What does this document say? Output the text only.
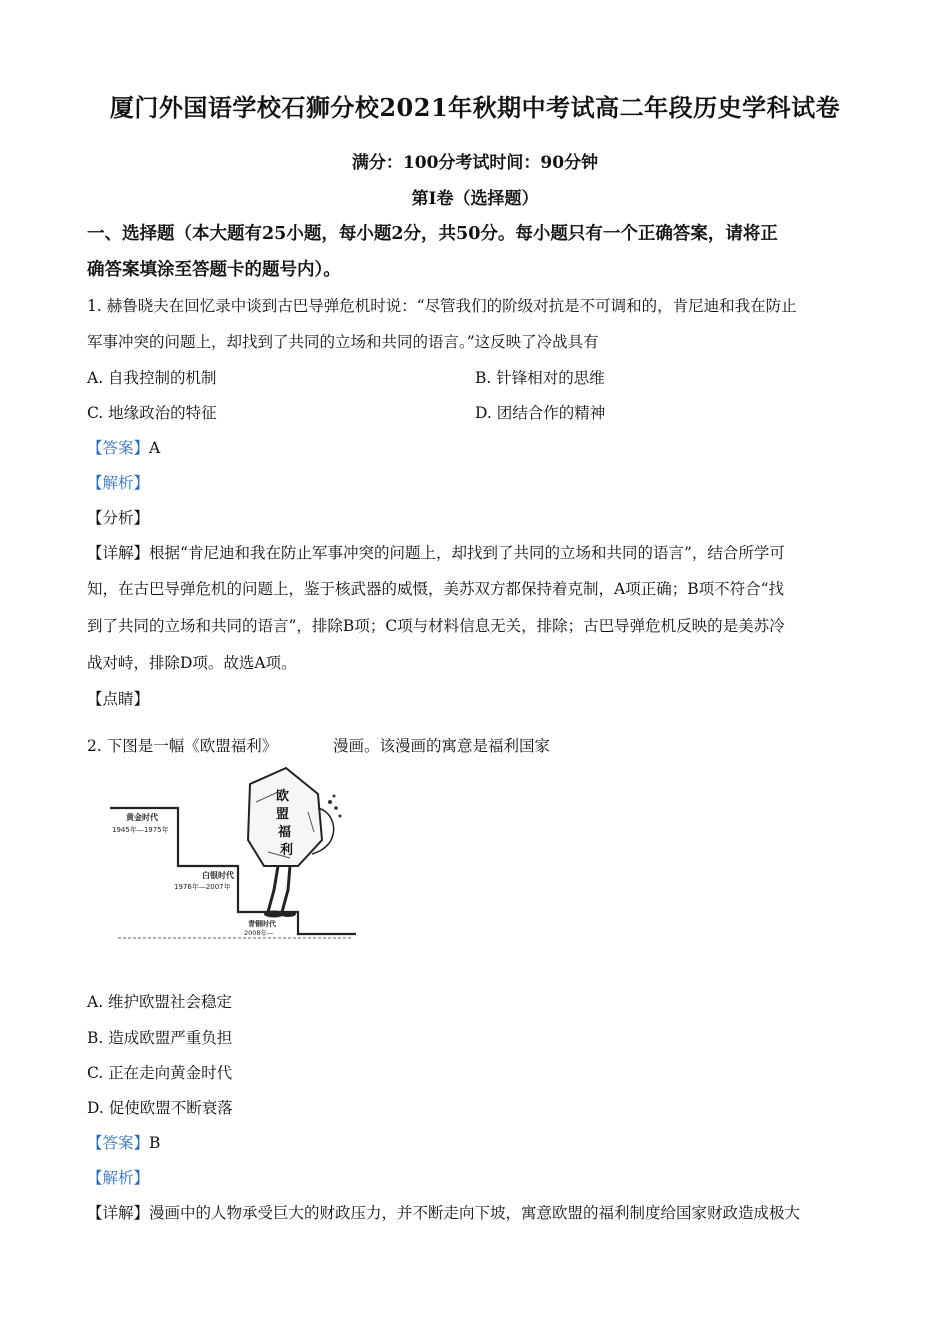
厦门外国语学校石狮分校2021年秋期中考试高二年段历史学科试卷
满分：100分考试时间：90分钟
第I卷（选择题）
一、选择题（本大题有25小题，每小题2分，共50分。每小题只有一个正确答案，请将正
确答案填涂至答题卡的题号内）。
1. 赫鲁晓夫在回忆录中谈到古巴导弹危机时说：“尽管我们的阶级对抗是不可调和的，肯尼迪和我在防止
军事冲突的问题上，却找到了共同的立场和共同的语言。”这反映了冷战具有
A. 自我控制的机制	B. 针锋相对的思维
C. 地缘政治的特征	D. 团结合作的精神
【答案】A
【解析】
【分析】
【详解】根据“肯尼迪和我在防止军事冲突的问题上，却找到了共同的立场和共同的语言”，结合所学可
知，在古巴导弹危机的问题上，鉴于核武器的威慑，美苏双方都保持着克制，A项正确；B项不符合“找
到了共同的立场和共同的语言”，排除B项；C项与材料信息无关，排除；古巴导弹危机反映的是美苏冷
战对峙，排除D项。故选A项。
【点睛】
2. 下图是一幅《欧盟福利》	漫画。该漫画的寓意是福利国家
黄金时代
1945年—1975年
白银时代
1976年—2007年
青铜时代
2008年—
欧
盟
福
利
A. 维护欧盟社会稳定
B. 造成欧盟严重负担
C. 正在走向黄金时代
D. 促使欧盟不断衰落
【答案】B
【解析】
【详解】漫画中的人物承受巨大的财政压力，并不断走向下坡，寓意欧盟的福利制度给国家财政造成极大
